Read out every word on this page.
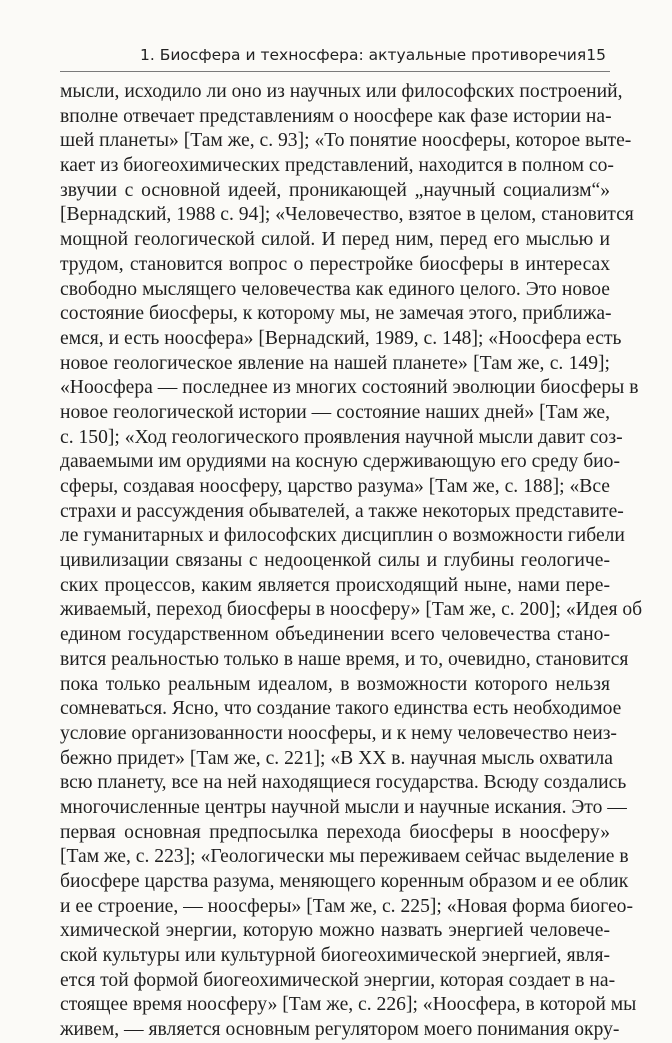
1. Биосфера и техносфера: актуальные противоречия 15
мысли, исходило ли оно из научных или философских построений,
вполне отвечает представлениям о ноосфере как фазе истории на-
шей планеты» [Там же, с. 93]; «То понятие ноосферы, которое выте-
кает из биогеохимических представлений, находится в полном со-
звучии с основной идеей, проникающей „научный социализм“»
[Вернадский, 1988 с. 94]; «Человечество, взятое в целом, становится
мощной геологической силой. И перед ним, перед его мыслью и
трудом, становится вопрос о перестройке биосферы в интересах
свободно мыслящего человечества как единого целого. Это новое
состояние биосферы, к которому мы, не замечая этого, приближа-
емся, и есть ноосфера» [Вернадский, 1989, с. 148]; «Ноосфера есть
новое геологическое явление на нашей планете» [Там же, с. 149];
«Ноосфера — последнее из многих состояний эволюции биосферы в
новое геологической истории — состояние наших дней» [Там же,
с. 150]; «Ход геологического проявления научной мысли давит соз-
даваемыми им орудиями на косную сдерживающую его среду био-
сферы, создавая ноосферу, царство разума» [Там же, с. 188]; «Все
страхи и рассуждения обывателей, а также некоторых представите-
ле гуманитарных и философских дисциплин о возможности гибели
цивилизации связаны с недооценкой силы и глубины геологиче-
ских процессов, каким является происходящий ныне, нами пере-
живаемый, переход биосферы в ноосферу» [Там же, с. 200]; «Идея об
едином государственном объединении всего человечества стано-
вится реальностью только в наше время, и то, очевидно, становится
пока только реальным идеалом, в возможности которого нельзя
сомневаться. Ясно, что создание такого единства есть необходимое
условие организованности ноосферы, и к нему человечество неиз-
бежно придет» [Там же, с. 221]; «В XX в. научная мысль охватила
всю планету, все на ней находящиеся государства. Всюду создались
многочисленные центры научной мысли и научные искания. Это —
первая основная предпосылка перехода биосферы в ноосферу»
[Там же, с. 223]; «Геологически мы переживаем сейчас выделение в
биосфере царства разума, меняющего коренным образом и ее облик
и ее строение, — ноосферы» [Там же, с. 225]; «Новая форма биогео-
химической энергии, которую можно назвать энергией человече-
ской культуры или культурной биогеохимической энергией, явля-
ется той формой биогеохимической энергии, которая создает в на-
стоящее время ноосферу» [Там же, с. 226]; «Ноосфера, в которой мы
живем, — является основным регулятором моего понимания окру-
